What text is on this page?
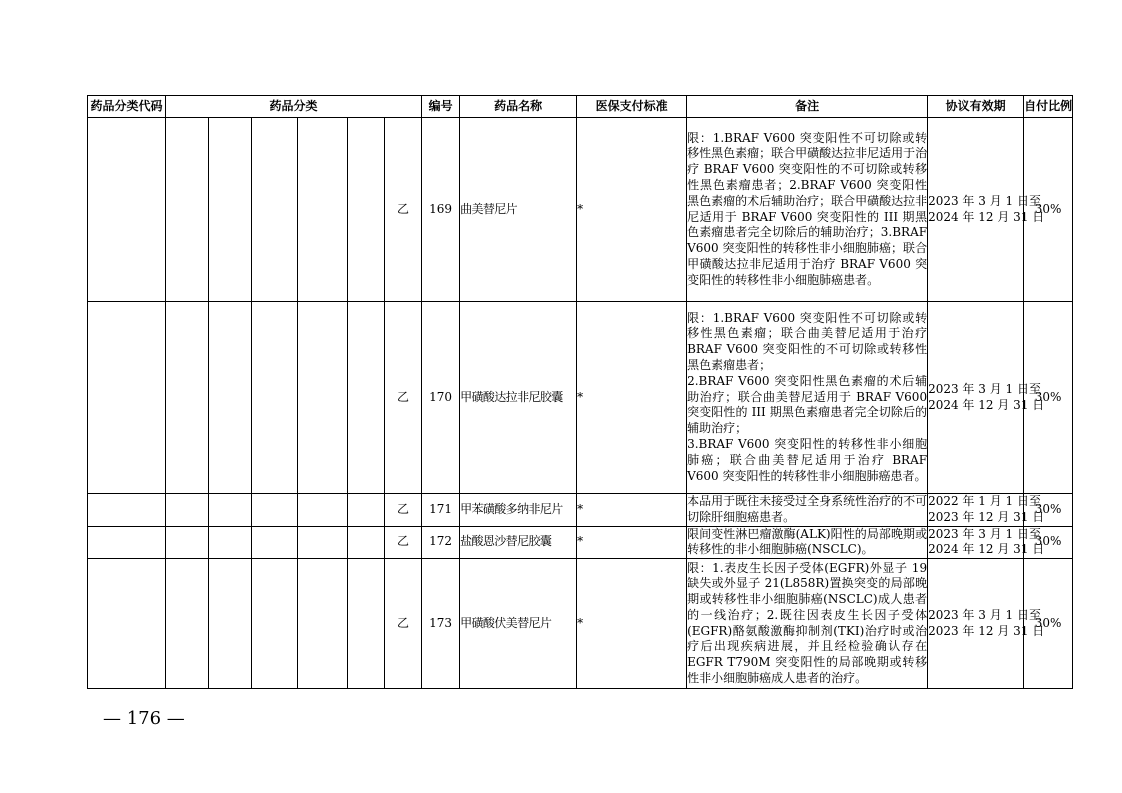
药品分类代码	药品分类						编号	药品名称	医保支付标准	备注	协议有效期	自付比例
						乙	169	曲美替尼片	*	限：1.BRAF V600 突变阳性不可切除或转移性黑色素瘤；联合甲磺酸达拉非尼适用于治疗 BRAF V600 突变阳性的不可切除或转移性黑色素瘤患者；2.BRAF V600 突变阳性黑色素瘤的术后辅助治疗；联合甲磺酸达拉非尼适用于 BRAF V600 突变阳性的 III 期黑色素瘤患者完全切除后的辅助治疗；3.BRAF V600 突变阳性的转移性非小细胞肺癌；联合甲磺酸达拉非尼适用于治疗 BRAF V600 突变阳性的转移性非小细胞肺癌患者。	2023 年 3 月 1 日至
2024 年 12 月 31 日	30%
						乙	170	甲磺酸达拉非尼胶囊	*	限：1.BRAF V600 突变阳性不可切除或转移性黑色素瘤；联合曲美替尼适用于治疗 BRAF V600 突变阳性的不可切除或转移性黑色素瘤患者；
2.BRAF V600 突变阳性黑色素瘤的术后辅助治疗；联合曲美替尼适用于 BRAF V600 突变阳性的 III 期黑色素瘤患者完全切除后的辅助治疗；
3.BRAF V600 突变阳性的转移性非小细胞肺癌；联合曲美替尼适用于治疗 BRAF V600 突变阳性的转移性非小细胞肺癌患者。	2023 年 3 月 1 日至
2024 年 12 月 31 日	30%
						乙	171	甲苯磺酸多纳非尼片	*	本品用于既往未接受过全身系统性治疗的不可切除肝细胞癌患者。	2022 年 1 月 1 日至
2023 年 12 月 31 日	30%
						乙	172	盐酸恩沙替尼胶囊	*	限间变性淋巴瘤激酶(ALK)阳性的局部晚期或转移性的非小细胞肺癌(NSCLC)。	2023 年 3 月 1 日至
2024 年 12 月 31 日	30%
						乙	173	甲磺酸伏美替尼片	*	限：1.表皮生长因子受体(EGFR)外显子 19 缺失或外显子 21(L858R)置换突变的局部晚期或转移性非小细胞肺癌(NSCLC)成人患者的一线治疗；2.既往因表皮生长因子受体(EGFR)酪氨酸激酶抑制剂(TKI)治疗时或治疗后出现疾病进展，并且经检验确认存在 EGFR T790M 突变阳性的局部晚期或转移性非小细胞肺癌成人患者的治疗。	2023 年 3 月 1 日至
2023 年 12 月 31 日	30%
— 176 —
